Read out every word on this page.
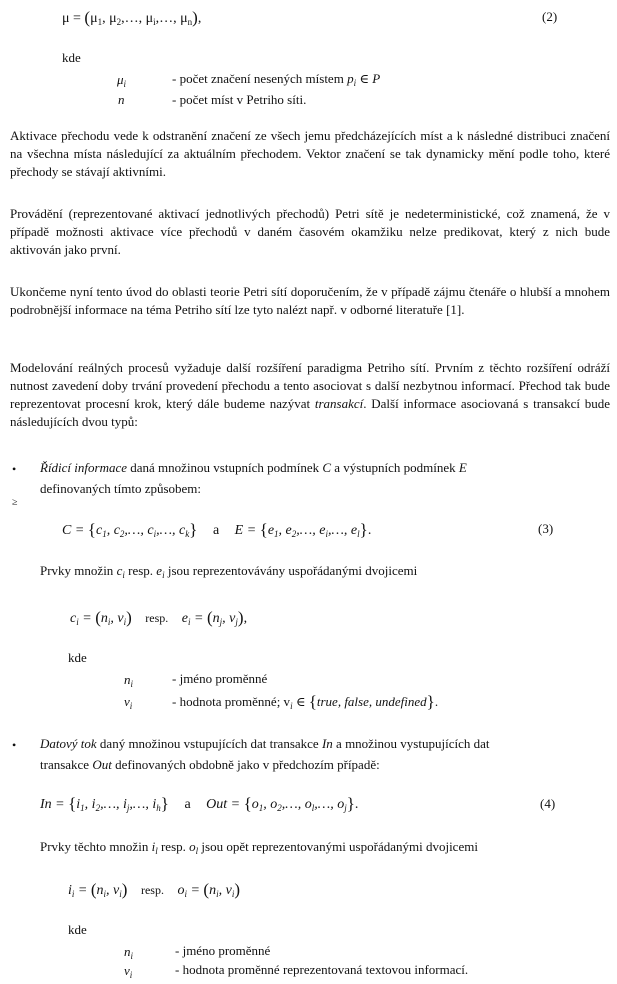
$\mu = (\mu_1$, $\mu_2,\dots$, $\mu_i,\dots$, $\mu_n$),	(2)
kde
$\mu_i$	- počet značení nesených místem $p_i$ ∈ P
n	- počet míst v Petriho síti.
Aktivace přechodu vede k odstranění značení ze všech jemu předcházejících míst a k následné distribuci značení na všechna místa následující za aktuálním přechodem. Vektor značení se tak dynamicky mění podle toho, které přechody se stávají aktivními.
Provádění (reprezentované aktivací jednotlivých přechodů) Petri sítě je nedeterministické, což znamená, že v případě možnosti aktivace více přechodů v daném časovém okamžiku nelze predikovat, který z nich bude aktivován jako první.
Ukončeme nyní tento úvod do oblasti teorie Petri sítí doporučením, že v případě zájmu čtenáře o hlubší a mnohem podrobnější informace na téma Petriho sítí lze tyto nalézt např. v odborné literatuře [1].
Modelování reálných procesů vyžaduje další rozšíření paradigma Petriho sítí. Prvním z těchto rozšíření odráží nutnost zavedení doby trvání provedení přechodu a tento asociovat s další nezbytnou informací. Přechod tak bude reprezentovat procesní krok, který dále budeme nazývat transakcí. Další informace asociovaná s transakcí bude následujících dvou typů:
• Řídicí informace daná množinou vstupních podmínek C a výstupních podmínek E
definovaných tímto způsobem:
≥
$C = \{c_1$, $c_2,\dots$, $c_i,\dots$, $c_k$} a $E = \{e_1$, $e_2,\dots$, $e_i,\dots$, $e_l$}.	(3)
Prvky množin $c_i$ resp. $e_i$ jsou reprezentovávány uspořádanými dvojicemi
$c_i = (n_i$, $v_i$) resp. $e_i = (n_j$, $v_j$),
kde
$n_i$	- jméno proměnné
$v_i$	- hodnota proměnné; $v_i$ ∈ {true, false, undefined}.
• Datový tok daný množinou vstupujících dat transakce In a množinou vystupujících dat
transakce Out definovaných obdobně jako v předchozím případě:
$In = \{i_1$, $i_2,\dots$, $i_j,\dots$, $i_h$} a Out = {$o_1$, $o_2,\dots$, $o_l,\dots$, $o_j$}.	(4)
Prvky těchto množin $i_l$ resp. $o_l$ jsou opět reprezentovanými uspořádanými dvojicemi
$i_i = (n_i$, $v_i$) resp. $o_i = (n_i$, $v_i$)
kde
$n_i$	- jméno proměnné
$v_i$	- hodnota proměnné reprezentovaná textovou informací.
